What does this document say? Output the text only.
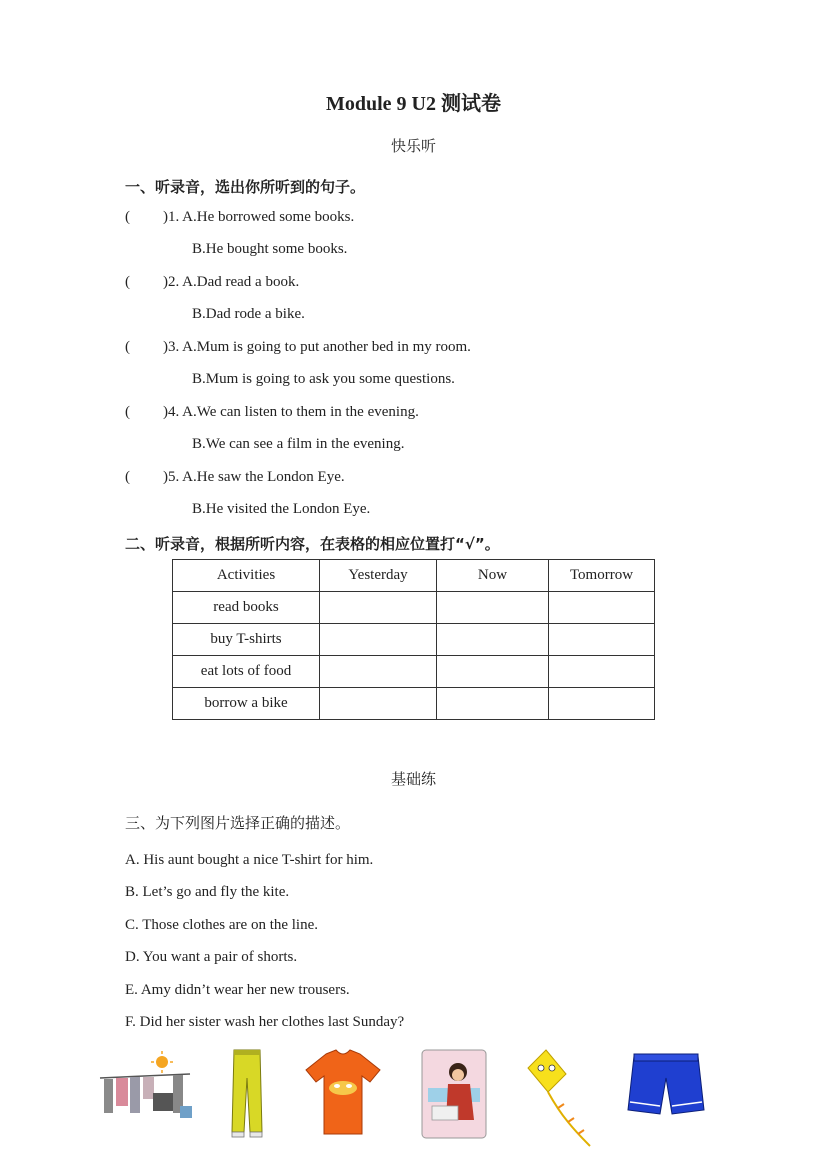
Module 9 U2 测试卷
快乐听
一、听录音，选出你所听到的句子。
( )1. A.He borrowed some books.
B.He bought some books.
( )2. A.Dad read a book.
B.Dad rode a bike.
( )3. A.Mum is going to put another bed in my room.
B.Mum is going to ask you some questions.
( )4. A.We can listen to them in the evening.
B.We can see a film in the evening.
( )5. A.He saw the London Eye.
B.He visited the London Eye.
二、听录音，根据所听内容，在表格的相应位置打“√”。
Activities	Yesterday	Now	Tomorrow
read books			
buy T-shirts			
eat lots of food			
borrow a bike			
基础练
三、为下列图片选择正确的描述。
A. His aunt bought a nice T-shirt for him.
B. Let’s go and fly the kite.
C. Those clothes are on the line.
D. You want a pair of shorts.
E. Amy didn’t wear her new trousers.
F. Did her sister wash her clothes last Sunday?
